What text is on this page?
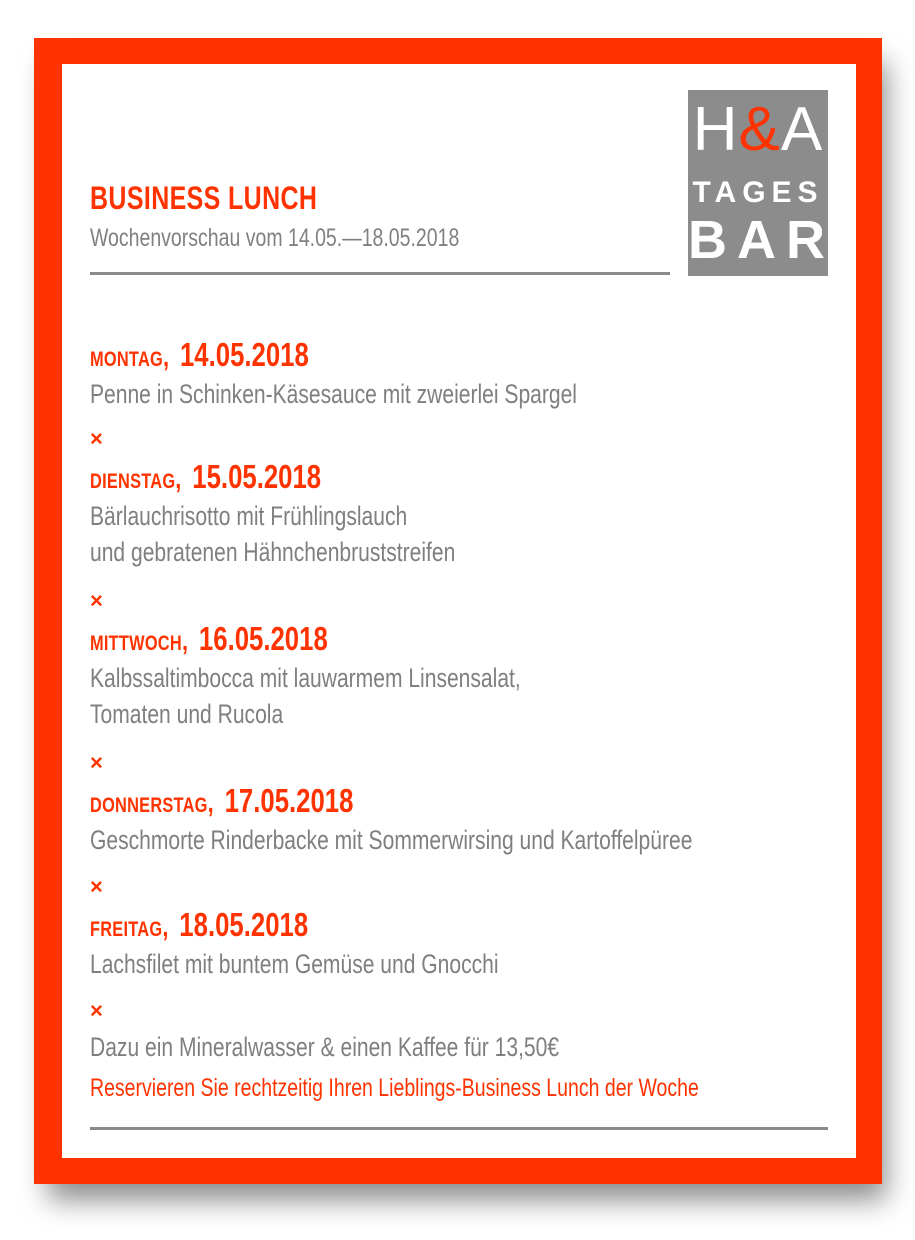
BUSINESS LUNCH
Wochenvorschau vom 14.05.—18.05.2018
H&A
TAGES
BAR
MONTAG, 14.05.2018
Penne in Schinken-Käsesauce mit zweierlei Spargel
×
DIENSTAG, 15.05.2018
Bärlauchrisotto mit Frühlingslauch
und gebratenen Hähnchenbruststreifen
×
MITTWOCH, 16.05.2018
Kalbssaltimbocca mit lauwarmem Linsensalat,
Tomaten und Rucola
×
DONNERSTAG, 17.05.2018
Geschmorte Rinderbacke mit Sommerwirsing und Kartoffelpüree
×
FREITAG, 18.05.2018
Lachsfilet mit buntem Gemüse und Gnocchi
×
Dazu ein Mineralwasser & einen Kaffee für 13,50€
Reservieren Sie rechtzeitig Ihren Lieblings-Business Lunch der Woche
